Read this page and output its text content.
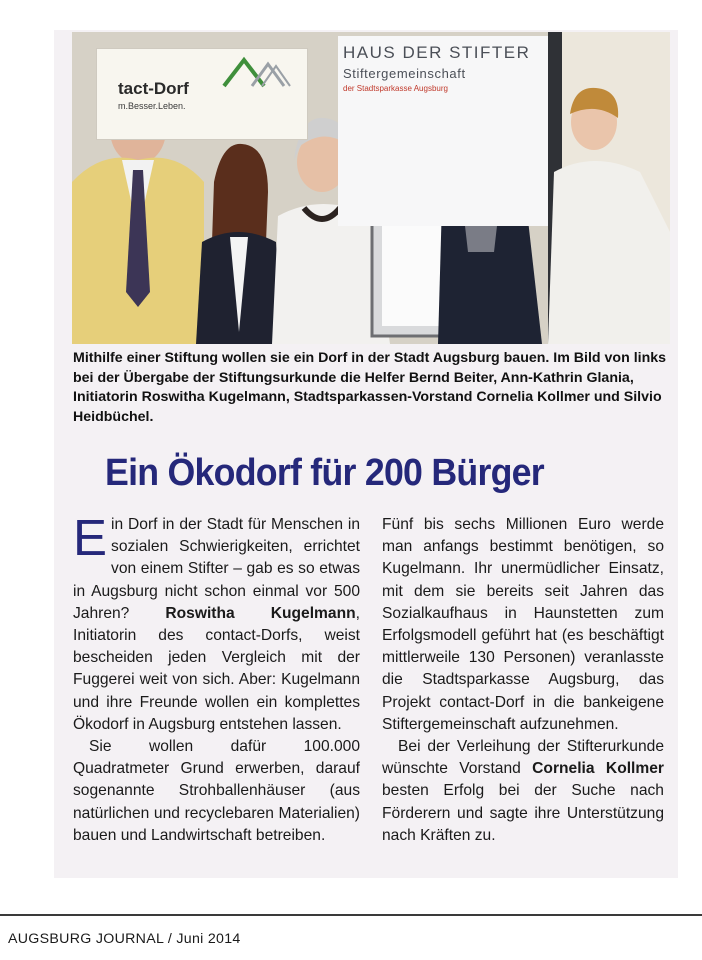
tact-Dorf
m.Besser.Leben.
HAUS DER STIFTER
Stiftergemeinschaft
der Stadtsparkasse Augsburg
Mithilfe einer Stiftung wollen sie ein Dorf in der Stadt Augsburg bauen. Im Bild von links bei der Übergabe der Stiftungsurkunde die Helfer Bernd Beiter, Ann-Kathrin Glania, Initiatorin Roswitha Kugelmann, Stadtsparkassen-Vorstand Cornelia Kollmer und Silvio Heidbüchel.
Ein Ökodorf für 200 Bürger

Ein Dorf in der Stadt für Menschen in sozialen Schwierigkeiten, errichtet von einem Stifter – gab es so etwas in Augsburg nicht schon einmal vor 500 Jahren? Roswitha Kugelmann, Initiatorin des contact-Dorfs, weist bescheiden jeden Vergleich mit der Fuggerei weit von sich. Aber: Kugelmann und ihre Freunde wollen ein komplettes Ökodorf in Augsburg entstehen lassen.

Sie wollen dafür 100.000 Quadratmeter Grund erwerben, darauf sogenannte Strohballenhäuser (aus natürlichen und recyclebaren Materialien) bauen und Landwirtschaft betreiben.

Fünf bis sechs Millionen Euro werde man anfangs bestimmt benötigen, so Kugelmann. Ihr unermüdlicher Einsatz, mit dem sie bereits seit Jahren das Sozialkaufhaus in Haunstetten zum Erfolgsmodell geführt hat (es beschäftigt mittlerweile 130 Personen) veranlasste die Stadtsparkasse Augsburg, das Projekt contact-Dorf in die bankeigene Stiftergemeinschaft aufzunehmen.

Bei der Verleihung der Stifterurkunde wünschte Vorstand Cornelia Kollmer besten Erfolg bei der Suche nach Förderern und sagte ihre Unterstützung nach Kräften zu.

AUGSBURG JOURNAL / Juni 2014
